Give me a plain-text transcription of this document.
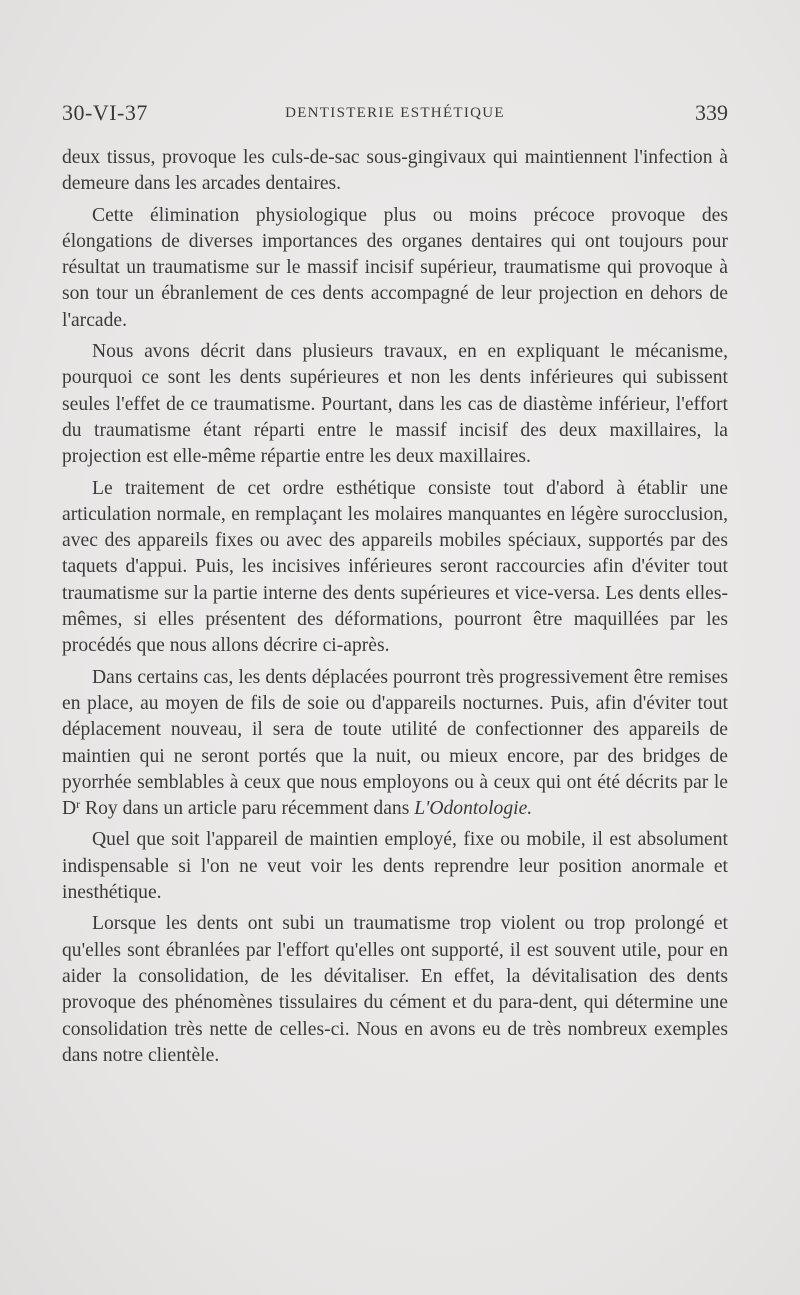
30-VI-37	DENTISTERIE ESTHÉTIQUE	339

deux tissus, provoque les culs-de-sac sous-gingivaux qui maintiennent l'infection à demeure dans les arcades dentaires.

Cette élimination physiologique plus ou moins précoce provoque des élongations de diverses importances des organes dentaires qui ont toujours pour résultat un traumatisme sur le massif incisif supérieur, traumatisme qui provoque à son tour un ébranlement de ces dents accompagné de leur projection en dehors de l'arcade.

Nous avons décrit dans plusieurs travaux, en en expliquant le mécanisme, pourquoi ce sont les dents supérieures et non les dents inférieures qui subissent seules l'effet de ce traumatisme. Pourtant, dans les cas de diastème inférieur, l'effort du traumatisme étant réparti entre le massif incisif des deux maxillaires, la projection est elle-même répartie entre les deux maxillaires.

Le traitement de cet ordre esthétique consiste tout d'abord à établir une articulation normale, en remplaçant les molaires manquantes en légère surocclusion, avec des appareils fixes ou avec des appareils mobiles spéciaux, supportés par des taquets d'appui. Puis, les incisives inférieures seront raccourcies afin d'éviter tout traumatisme sur la partie interne des dents supérieures et vice-versa. Les dents elles-mêmes, si elles présentent des déformations, pourront être maquillées par les procédés que nous allons décrire ci-après.

Dans certains cas, les dents déplacées pourront très progressivement être remises en place, au moyen de fils de soie ou d'appareils nocturnes. Puis, afin d'éviter tout déplacement nouveau, il sera de toute utilité de confectionner des appareils de maintien qui ne seront portés que la nuit, ou mieux encore, par des bridges de pyorrhée semblables à ceux que nous employons ou à ceux qui ont été décrits par le $D^r$ Roy dans un article paru récemment dans L'Odontologie.

Quel que soit l'appareil de maintien employé, fixe ou mobile, il est absolument indispensable si l'on ne veut voir les dents reprendre leur position anormale et inesthétique.

Lorsque les dents ont subi un traumatisme trop violent ou trop prolongé et qu'elles sont ébranlées par l'effort qu'elles ont supporté, il est souvent utile, pour en aider la consolidation, de les dévitaliser. En effet, la dévitalisation des dents provoque des phénomènes tissulaires du cément et du para-dent, qui détermine une consolidation très nette de celles-ci. Nous en avons eu de très nombreux exemples dans notre clientèle.
